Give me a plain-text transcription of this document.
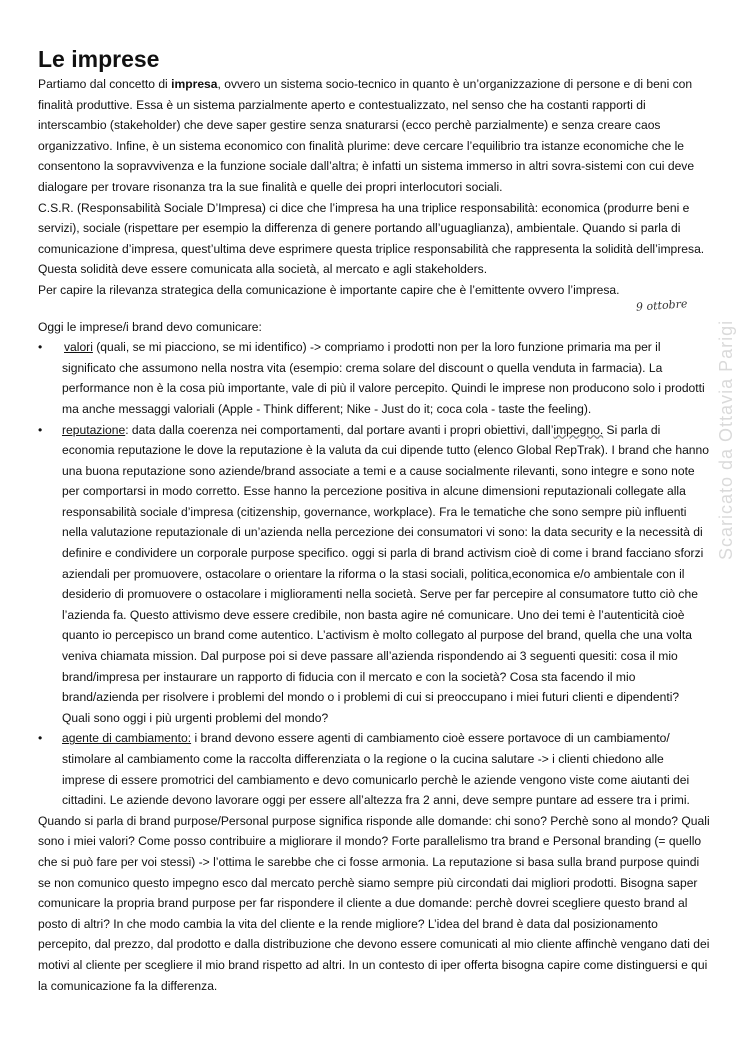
Le imprese
9 ottobre

Partiamo dal concetto di impresa, ovvero un sistema socio-tecnico in quanto è un’organizzazione di persone e di beni con finalità produttive. Essa è un sistema parzialmente aperto e contestualizzato, nel senso che ha costanti rapporti di interscambio (stakeholder) che deve saper gestire senza snaturarsi (ecco perchè parzialmente) e senza creare caos organizzativo. Infine, è un sistema economico con finalità plurime: deve cercare l’equilibrio tra istanze economiche che le consentono la sopravvivenza e la funzione sociale dall’altra; è infatti un sistema immerso in altri sovra-sistemi con cui deve dialogare per trovare risonanza tra la sue finalità e quelle dei propri interlocutori sociali.

C.S.R. (Responsabilità Sociale D’Impresa) ci dice che l’impresa ha una triplice responsabilità: economica (produrre beni e servizi), sociale (rispettare per esempio la differenza di genere portando all’uguaglianza), ambientale. Quando si parla di comunicazione d’impresa, quest’ultima deve esprimere questa triplice responsabilità che rappresenta la solidità dell’impresa. Questa solidità deve essere comunicata alla società, al mercato e agli stakeholders.

Per capire la rilevanza strategica della comunicazione è importante capire che è l’emittente ovvero l’impresa.

Oggi le imprese/i brand devo comunicare:

• valori (quali, se mi piacciono, se mi identifico) -> compriamo i prodotti non per la loro funzione primaria ma per il significato che assumono nella nostra vita (esempio: crema solare del discount o quella venduta in farmacia). La performance non è la cosa più importante, vale di più il valore percepito. Quindi le imprese non producono solo i prodotti ma anche messaggi valoriali (Apple - Think different; Nike - Just do it; coca cola - taste the feeling).
• reputazione: data dalla coerenza nei comportamenti, dal portare avanti i propri obiettivi, dall’impegno. Si parla di economia reputazione le dove la reputazione è la valuta da cui dipende tutto (elenco Global RepTrak). I brand che hanno una buona reputazione sono aziende/brand associate a temi e a cause socialmente rilevanti, sono integre e sono note per comportarsi in modo corretto. Esse hanno la percezione positiva in alcune dimensioni reputazionali collegate alla responsabilità sociale d’impresa (citizenship, governance, workplace). Fra le tematiche che sono sempre più influenti nella valutazione reputazionale di un’azienda nella percezione dei consumatori vi sono: la data security e la necessità di definire e condividere un corporale purpose specifico. oggi si parla di brand activism cioè di come i brand facciano sforzi aziendali per promuovere, ostacolare o orientare la riforma o la stasi sociali, politica,economica e/o ambientale con il desiderio di promuovere o ostacolare i miglioramenti nella società. Serve per far percepire al consumatore tutto ciò che l’azienda fa. Questo attivismo deve essere credibile, non basta agire né comunicare. Uno dei temi è l’autenticità cioè quanto io percepisco un brand come autentico. L’activism è molto collegato al purpose del brand, quella che una volta veniva chiamata mission. Dal purpose poi si deve passare all’azienda rispondendo ai 3 seguenti quesiti: cosa il mio brand/impresa per instaurare un rapporto di fiducia con il mercato e con la società? Cosa sta facendo il mio brand/azienda per risolvere i problemi del mondo o i problemi di cui si preoccupano i miei futuri clienti e dipendenti? Quali sono oggi i più urgenti problemi del mondo?
• agente di cambiamento: i brand devono essere agenti di cambiamento cioè essere portavoce di un cambiamento/ stimolare al cambiamento come la raccolta differenziata o la regione o la cucina salutare -> i clienti chiedono alle imprese di essere promotrici del cambiamento e devo comunicarlo perchè le aziende vengono viste come aiutanti dei cittadini. Le aziende devono lavorare oggi per essere all’altezza fra 2 anni, deve sempre puntare ad essere tra i primi.

Quando si parla di brand purpose/Personal purpose significa risponde alle domande: chi sono? Perchè sono al mondo? Quali sono i miei valori? Come posso contribuire a migliorare il mondo? Forte parallelismo tra brand e Personal branding (= quello che si può fare per voi stessi) -> l’ottima le sarebbe che ci fosse armonia. La reputazione si basa sulla brand purpose quindi se non comunico questo impegno esco dal mercato perchè siamo sempre più circondati dai migliori prodotti. Bisogna saper comunicare la propria brand purpose per far rispondere il cliente a due domande: perchè dovrei scegliere questo brand al posto di altri? In che modo cambia la vita del cliente e la rende migliore? L’idea del brand è data dal posizionamento percepito, dal prezzo, dal prodotto e dalla distribuzione che devono essere comunicati al mio cliente affinchè vengano dati dei motivi al cliente per scegliere il mio brand rispetto ad altri. In un contesto di iper offerta bisogna capire come distinguersi e qui la comunicazione fa la differenza.

Scaricato da Ottavia Parigi
